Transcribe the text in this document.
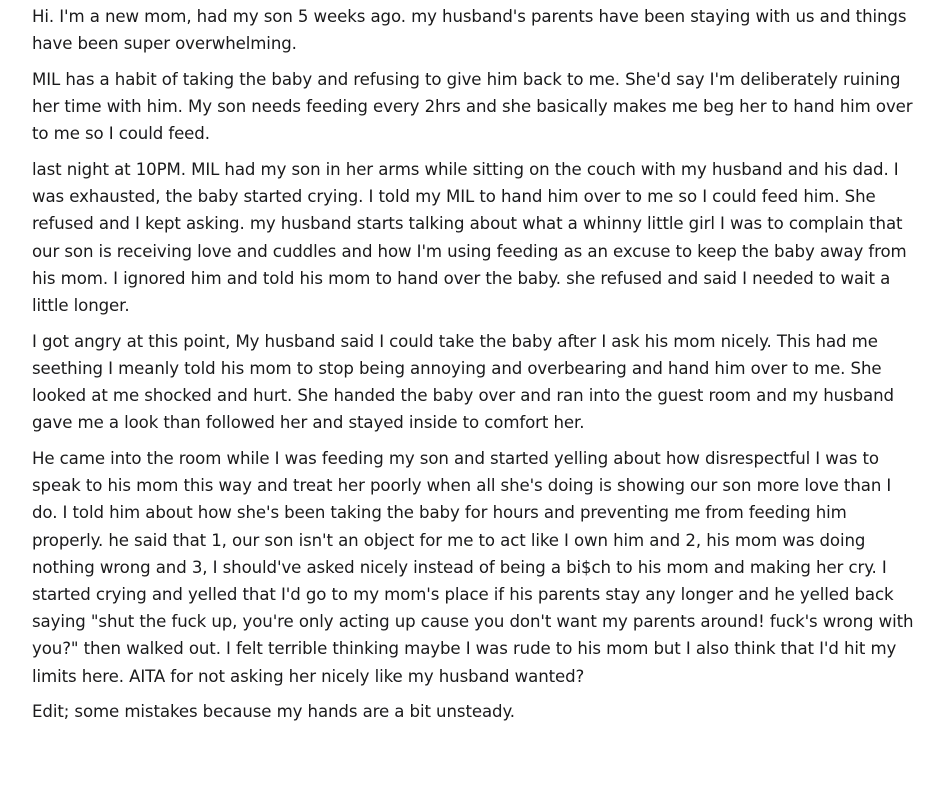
Hi. I'm a new mom, had my son 5 weeks ago. my husband's parents have been staying with us and things have been super overwhelming.

MIL has a habit of taking the baby and refusing to give him back to me. She'd say I'm deliberately ruining her time with him. My son needs feeding every 2hrs and she basically makes me beg her to hand him over to me so I could feed.

last night at 10PM. MIL had my son in her arms while sitting on the couch with my husband and his dad. I was exhausted, the baby started crying. I told my MIL to hand him over to me so I could feed him. She refused and I kept asking. my husband starts talking about what a whinny little girl I was to complain that our son is receiving love and cuddles and how I'm using feeding as an excuse to keep the baby away from his mom. I ignored him and told his mom to hand over the baby. she refused and said I needed to wait a little longer.

I got angry at this point, My husband said I could take the baby after I ask his mom nicely. This had me seething I meanly told his mom to stop being annoying and overbearing and hand him over to me. She looked at me shocked and hurt. She handed the baby over and ran into the guest room and my husband gave me a look than followed her and stayed inside to comfort her.

He came into the room while I was feeding my son and started yelling about how disrespectful I was to speak to his mom this way and treat her poorly when all she's doing is showing our son more love than I do. I told him about how she's been taking the baby for hours and preventing me from feeding him properly. he said that 1, our son isn't an object for me to act like I own him and 2, his mom was doing nothing wrong and 3, I should've asked nicely instead of being a bi$ch to his mom and making her cry. I started crying and yelled that I'd go to my mom's place if his parents stay any longer and he yelled back saying "shut the fuck up, you're only acting up cause you don't want my parents around! fuck's wrong with you?" then walked out. I felt terrible thinking maybe I was rude to his mom but I also think that I'd hit my limits here. AITA for not asking her nicely like my husband wanted?

Edit; some mistakes because my hands are a bit unsteady.
